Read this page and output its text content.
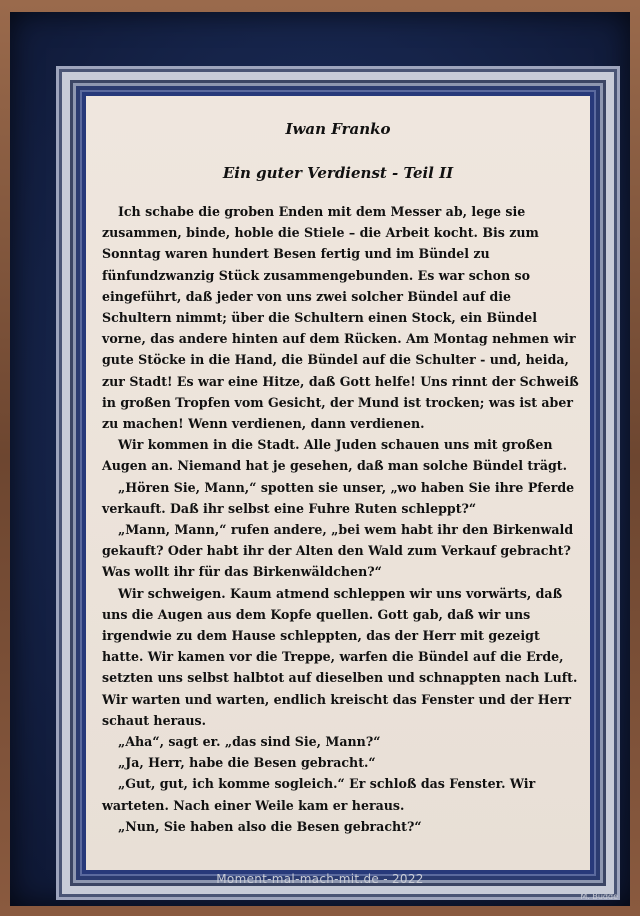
Iwan Franko
Ein guter Verdienst - Teil II

Ich schabe die groben Enden mit dem Messer ab, lege sie zusammen, binde, hoble die Stiele – die Arbeit kocht. Bis zum Sonntag waren hundert Besen fertig und im Bündel zu fünfundzwanzig Stück zusammengebunden. Es war schon so eingeführt, daß jeder von uns zwei solcher Bündel auf die Schultern nimmt; über die Schultern einen Stock, ein Bündel vorne, das andere hinten auf dem Rücken. Am Montag nehmen wir gute Stöcke in die Hand, die Bündel auf die Schulter - und, heida, zur Stadt! Es war eine Hitze, daß Gott helfe! Uns rinnt der Schweiß in großen Tropfen vom Gesicht, der Mund ist trocken; was ist aber zu machen! Wenn verdienen, dann verdienen.

Wir kommen in die Stadt. Alle Juden schauen uns mit großen Augen an. Niemand hat je gesehen, daß man solche Bündel trägt.

„Hören Sie, Mann,“ spotten sie unser, „wo haben Sie ihre Pferde verkauft. Daß ihr selbst eine Fuhre Ruten schleppt?“

„Mann, Mann,“ rufen andere, „bei wem habt ihr den Birkenwald gekauft? Oder habt ihr der Alten den Wald zum Verkauf gebracht? Was wollt ihr für das Birkenwäldchen?“

Wir schweigen. Kaum atmend schleppen wir uns vorwärts, daß uns die Augen aus dem Kopfe quellen. Gott gab, daß wir uns irgendwie zu dem Hause schleppten, das der Herr mit gezeigt hatte. Wir kamen vor die Treppe, warfen die Bündel auf die Erde, setzten uns selbst halbtot auf dieselben und schnappten nach Luft. Wir warten und warten, endlich kreischt das Fenster und der Herr schaut heraus.

„Aha“, sagt er. „das sind Sie, Mann?“

„Ja, Herr, habe die Besen gebracht.“

„Gut, gut, ich komme sogleich.“ Er schloß das Fenster. Wir warteten. Nach einer Weile kam er heraus.

„Nun, Sie haben also die Besen gebracht?“

Moment-mal-mach-mit.de - 2022
M. Budde
